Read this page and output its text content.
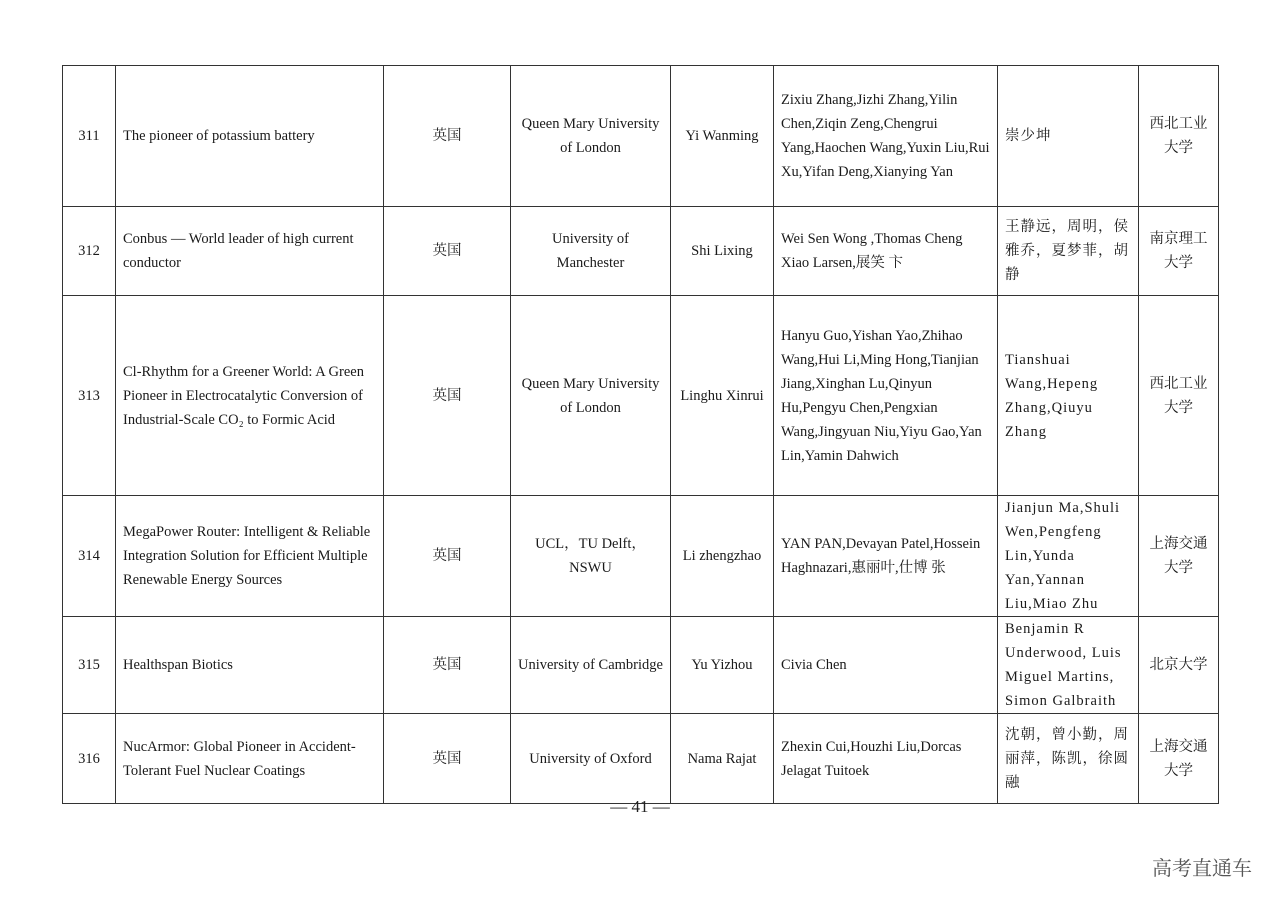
311	The pioneer of potassium battery	英国	Queen Mary University of London	Yi Wanming	Zixiu Zhang,Jizhi Zhang,Yilin Chen,Ziqin Zeng,Chengrui Yang,Haochen Wang,Yuxin Liu,Rui Xu,Yifan Deng,Xianying Yan	崇少坤	西北工业大学
312	Conbus — World leader of high current conductor	英国	University of Manchester	Shi Lixing	Wei Sen Wong ,Thomas Cheng Xiao Larsen,展笑 卞	王静远，周明，侯雅乔，夏梦菲，胡静	南京理工大学
313	Cl-Rhythm for a Greener World: A Green Pioneer in Electrocatalytic Conversion of Industrial-Scale CO₂ to Formic Acid	英国	Queen Mary University of London	Linghu Xinrui	Hanyu Guo,Yishan Yao,Zhihao Wang,Hui Li,Ming Hong,Tianjian Jiang,Xinghan Lu,Qinyun Hu,Pengyu Chen,Pengxian Wang,Jingyuan Niu,Yiyu Gao,Yan Lin,Yamin Dahwich	Tianshuai Wang,Hepeng Zhang,Qiuyu Zhang	西北工业大学
314	MegaPower Router: Intelligent & Reliable Integration Solution for Efficient Multiple Renewable Energy Sources	英国	UCL，TU Delft，NSWU	Li zhengzhao	YAN PAN,Devayan Patel,Hossein Haghnazari,惠丽叶,仕博 张	Jianjun Ma,Shuli Wen,Pengfeng Lin,Yunda Yan,Yannan Liu,Miao Zhu	上海交通大学
315	Healthspan Biotics	英国	University of Cambridge	Yu Yizhou	Civia Chen	Benjamin R Underwood, Luis Miguel Martins, Simon Galbraith	北京大学
316	NucArmor: Global Pioneer in Accident-Tolerant Fuel Nuclear Coatings	英国	University of Oxford	Nama Rajat	Zhexin Cui,Houzhi Liu,Dorcas Jelagat Tuitoek	沈朝，曾小勤，周丽萍，陈凯，徐圆融	上海交通大学
— 41 —
高考直通车
